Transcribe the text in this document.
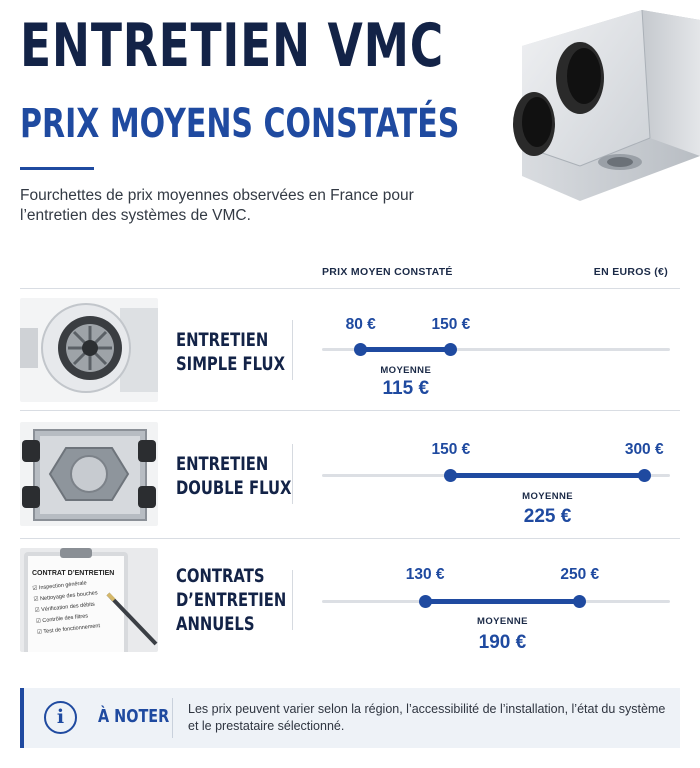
ENTRETIEN VMC
PRIX MOYENS CONSTATÉS
Fourchettes de prix moyennes observées en France pour l’entretien des systèmes de VMC.
PRIX MOYEN CONSTATÉ	EN EUROS (€)
ENTRETIEN
SIMPLE FLUX
80 €	150 €
MOYENNE
115 €
ENTRETIEN
DOUBLE FLUX
150 €	300 €
MOYENNE
225 €
CONTRAT D’ENTRETIEN
☑ Inspection générale
☑ Nettoyage des bouches
☑ Vérification des débits
☑ Contrôle des filtres
☑ Test de fonctionnement
CONTRATS
D’ENTRETIEN
ANNUELS
130 €	250 €
MOYENNE
190 €
i	À NOTER Les prix peuvent varier selon la région, l’accessibilité de l’installation, l’état du système et le prestataire sélectionné.
